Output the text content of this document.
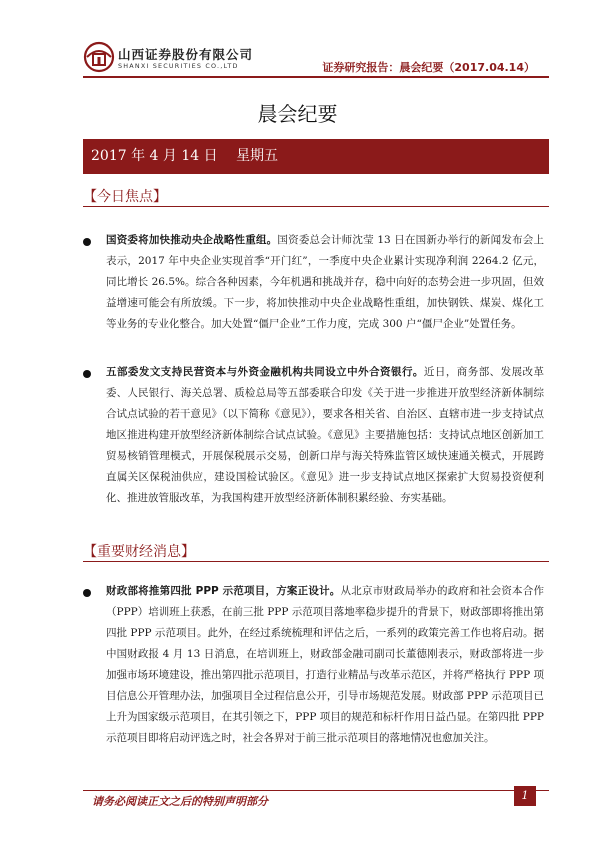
山西证券股份有限公司
SHANXI SECURITIES CO.,LTD	证券研究报告：晨会纪要（2017.04.14）
晨会纪要
2017 年 4 月 14 日 星期五
【今日焦点】
国资委将加快推动央企战略性重组。国资委总会计师沈莹 13 日在国新办举行的新闻发布会上表示，2017 年中央企业实现首季“开门红”，一季度中央企业累计实现净利润 2264.2 亿元，同比增长 26.5%。综合各种因素，今年机遇和挑战并存，稳中向好的态势会进一步巩固，但效益增速可能会有所放缓。下一步，将加快推动中央企业战略性重组，加快钢铁、煤炭、煤化工等业务的专业化整合。加大处置“僵尸企业”工作力度，完成 300 户“僵尸企业”处置任务。
五部委发文支持民营资本与外资金融机构共同设立中外合资银行。近日，商务部、发展改革委、人民银行、海关总署、质检总局等五部委联合印发《关于进一步推进开放型经济新体制综合试点试验的若干意见》（以下简称《意见》），要求各相关省、自治区、直辖市进一步支持试点地区推进构建开放型经济新体制综合试点试验。《意见》主要措施包括：支持试点地区创新加工贸易核销管理模式，开展保税展示交易，创新口岸与海关特殊监管区域快速通关模式，开展跨直属关区保税油供应，建设国检试验区。《意见》进一步支持试点地区探索扩大贸易投资便利化、推进放管服改革，为我国构建开放型经济新体制积累经验、夯实基础。
【重要财经消息】
财政部将推第四批 PPP 示范项目，方案正设计。从北京市财政局举办的政府和社会资本合作（PPP）培训班上获悉，在前三批 PPP 示范项目落地率稳步提升的背景下，财政部即将推出第四批 PPP 示范项目。此外，在经过系统梳理和评估之后，一系列的政策完善工作也将启动。据中国财政报 4 月 13 日消息，在培训班上，财政部金融司副司长董德刚表示，财政部将进一步加强市场环境建设，推出第四批示范项目，打造行业精品与改革示范区，并将严格执行 PPP 项目信息公开管理办法，加强项目全过程信息公开，引导市场规范发展。财政部 PPP 示范项目已上升为国家级示范项目，在其引领之下，PPP 项目的规范和标杆作用日益凸显。在第四批 PPP 示范项目即将启动评选之时，社会各界对于前三批示范项目的落地情况也愈加关注。
请务必阅读正文之后的特别声明部分	1
